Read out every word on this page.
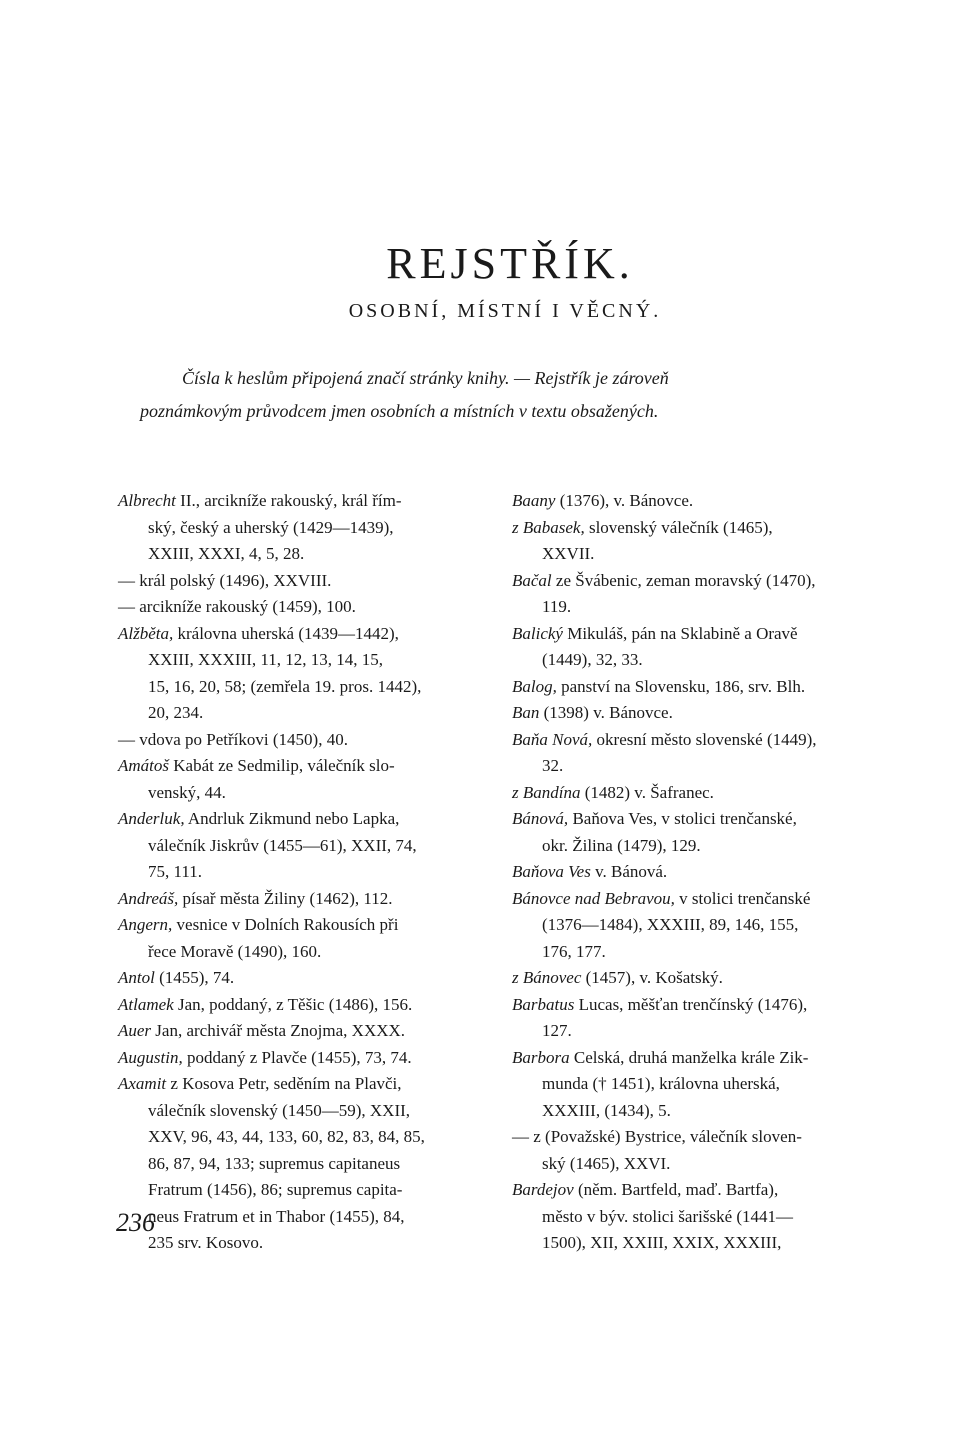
REJSTŘÍK.

OSOBNÍ, MÍSTNÍ I VĚCNÝ.

Čísla k heslům připojená značí stránky knihy. — Rejstřík je zároveň
poznámkovým průvodcem jmen osobních a místních v textu obsažených.

Albrecht II., arcikníže rakouský, král řím-
ský, český a uherský (1429—1439),
XXIII, XXXI, 4, 5, 28.
— král polský (1496), XXVIII.
— arcikníže rakouský (1459), 100.
Alžběta, královna uherská (1439—1442),
XXIII, XXXIII, 11, 12, 13, 14, 15,
15, 16, 20, 58; (zemřela 19. pros. 1442),
20, 234.
— vdova po Petříkovi (1450), 40.
Amátoš Kabát ze Sedmilip, válečník slo-
venský, 44.
Anderluk, Andrluk Zikmund nebo Lapka,
válečník Jiskrův (1455—61), XXII, 74,
75, 111.
Andreáš, písař města Žiliny (1462), 112.
Angern, vesnice v Dolních Rakousích při
řece Moravě (1490), 160.
Antol (1455), 74.
Atlamek Jan, poddaný, z Těšic (1486), 156.
Auer Jan, archivář města Znojma, XXXX.
Augustin, poddaný z Plavče (1455), 73, 74.
Axamit z Kosova Petr, seděním na Plavči,
válečník slovenský (1450—59), XXII,
XXV, 96, 43, 44, 133, 60, 82, 83, 84, 85,
86, 87, 94, 133; supremus capitaneus
Fratrum (1456), 86; supremus capita-
neus Fratrum et in Thabor (1455), 84,
235 srv. Kosovo.
Baany (1376), v. Bánovce.
z Babasek, slovenský válečník (1465),
XXVII.
Bačal ze Švábenic, zeman moravský (1470),
119.
Balický Mikuláš, pán na Sklabině a Oravě
(1449), 32, 33.
Balog, panství na Slovensku, 186, srv. Blh.
Ban (1398) v. Bánovce.
Baňa Nová, okresní město slovenské (1449),
32.
z Bandína (1482) v. Šafranec.
Bánová, Baňova Ves, v stolici trenčanské,
okr. Žilina (1479), 129.
Baňova Ves v. Bánová.
Bánovce nad Bebravou, v stolici trenčanské
(1376—1484), XXXIII, 89, 146, 155,
176, 177.
z Bánovec (1457), v. Košatský.
Barbatus Lucas, měšťan trenčínský (1476),
127.
Barbora Celská, druhá manželka krále Zik-
munda († 1451), královna uherská,
XXXIII, (1434), 5.
— z (Považské) Bystrice, válečník sloven-
ský (1465), XXVI.
Bardejov (něm. Bartfeld, maď. Bartfa),
město v býv. stolici šarišské (1441—
1500), XII, XXIII, XXIX, XXXIII,

236
